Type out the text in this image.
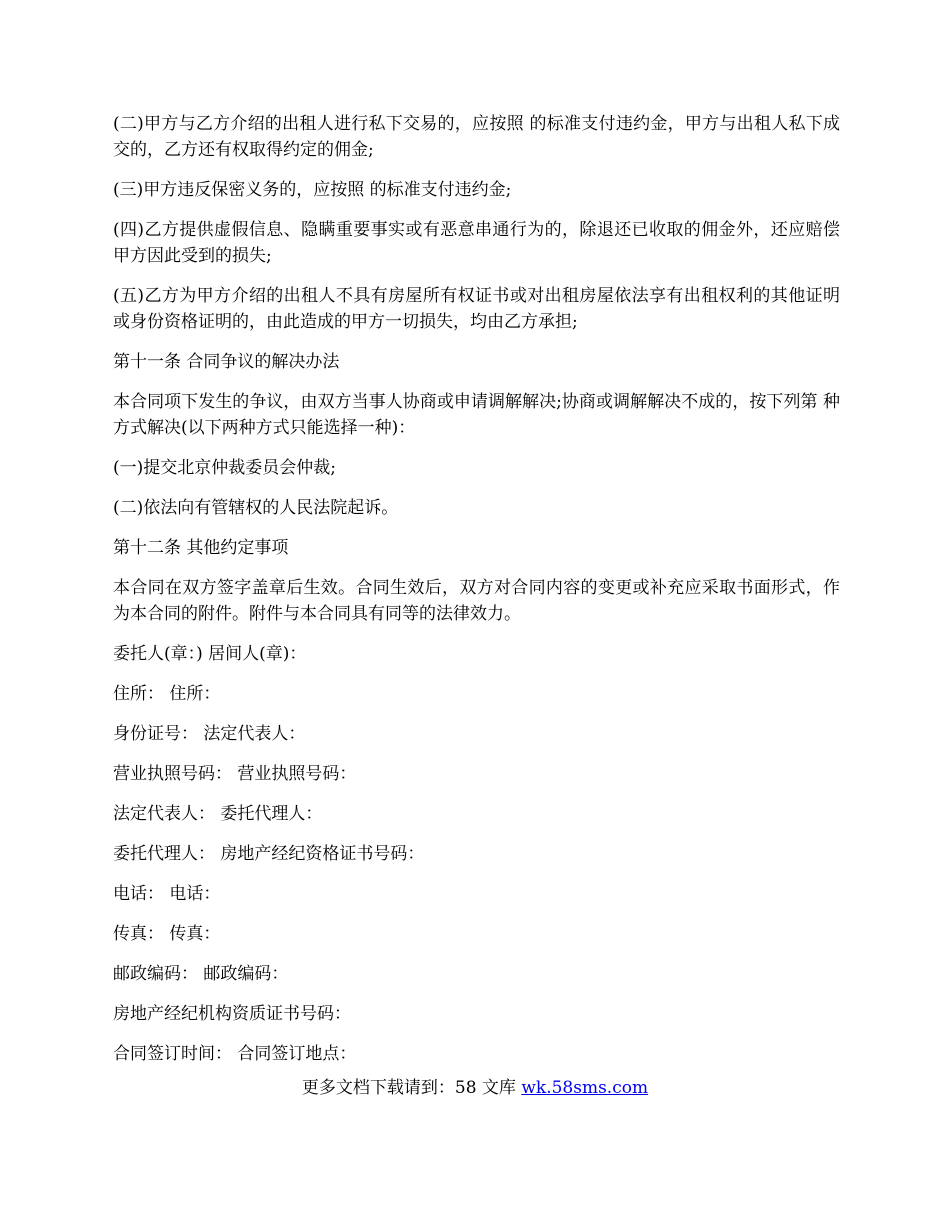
(二)甲方与乙方介绍的出租人进行私下交易的，应按照 的标准支付违约金，甲方与出租人私下成交的，乙方还有权取得约定的佣金;

(三)甲方违反保密义务的，应按照 的标准支付违约金;

(四)乙方提供虚假信息、隐瞒重要事实或有恶意串通行为的，除退还已收取的佣金外，还应赔偿甲方因此受到的损失;

(五)乙方为甲方介绍的出租人不具有房屋所有权证书或对出租房屋依法享有出租权利的其他证明或身份资格证明的，由此造成的甲方一切损失，均由乙方承担;

第十一条 合同争议的解决办法

本合同项下发生的争议，由双方当事人协商或申请调解解决;协商或调解解决不成的，按下列第 种方式解决(以下两种方式只能选择一种)：

(一)提交北京仲裁委员会仲裁;

(二)依法向有管辖权的人民法院起诉。

第十二条 其他约定事项

本合同在双方签字盖章后生效。合同生效后，双方对合同内容的变更或补充应采取书面形式，作为本合同的附件。附件与本合同具有同等的法律效力。

委托人(章：) 居间人(章)：

住所： 住所：

身份证号： 法定代表人：

营业执照号码： 营业执照号码：

法定代表人： 委托代理人：

委托代理人： 房地产经纪资格证书号码：

电话： 电话：

传真： 传真：

邮政编码： 邮政编码：

房地产经纪机构资质证书号码：

合同签订时间： 合同签订地点：

更多文档下载请到：58 文库 wk.58sms.com
